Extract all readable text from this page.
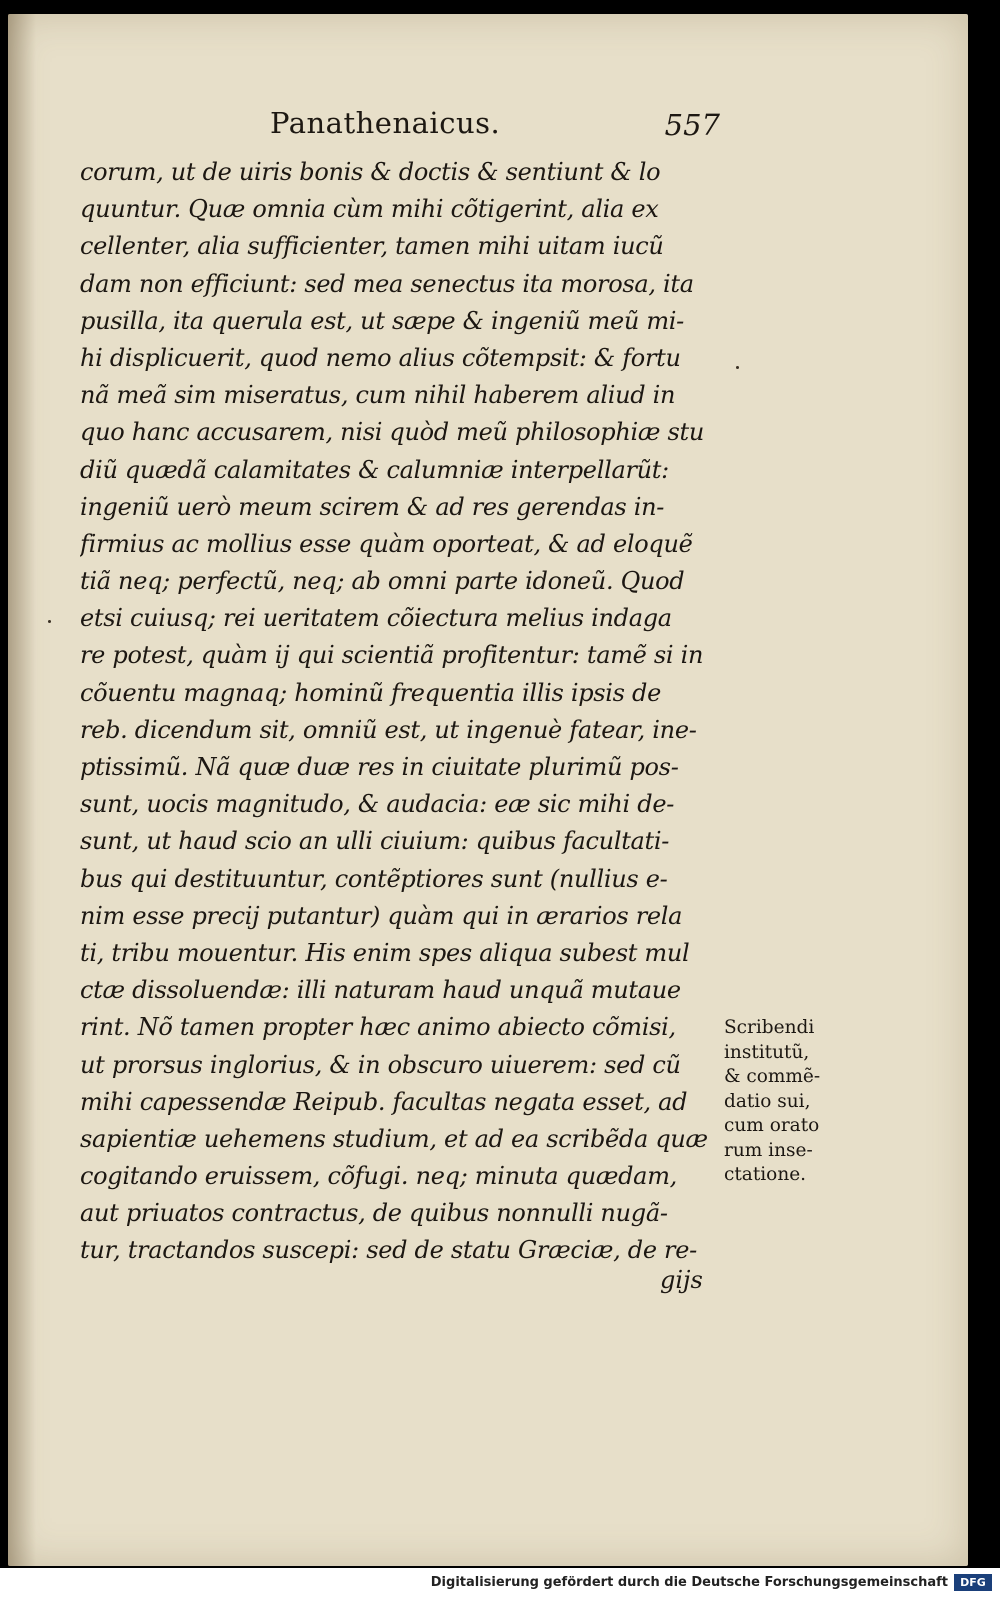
Panathenaicus.	557
corum, ut de uiris bonis & doctis & sentiunt & lo
quuntur. Quæ omnia cùm mihi cõtigerint, alia ex
cellenter, alia sufficienter, tamen mihi uitam iucũ
dam non efficiunt: sed mea senectus ita morosa, ita
pusilla, ita querula est, ut sæpe & ingeniũ meũ mi-
hi displicuerit, quod nemo alius cõtempsit: & fortu
nã meã sim miseratus, cum nihil haberem aliud in
quo hanc accusarem, nisi quòd meũ philosophiæ stu
diũ quædã calamitates & calumniæ interpellarũt:
ingeniũ uerò meum scirem & ad res gerendas in-
firmius ac mollius esse quàm oporteat, & ad eloquẽ
tiã neq; perfectũ, neq; ab omni parte idoneũ. Quod
etsi cuiusq; rei ueritatem cõiectura melius indaga
re potest, quàm ij qui scientiã profitentur: tamẽ si in
cõuentu magnaq; hominũ frequentia illis ipsis de
reb. dicendum sit, omniũ est, ut ingenuè fatear, ine-
ptissimũ. Nã quæ duæ res in ciuitate plurimũ pos-
sunt, uocis magnitudo, & audacia: eæ sic mihi de-
sunt, ut haud scio an ulli ciuium: quibus facultati-
bus qui destituuntur, contẽptiores sunt (nullius e-
nim esse precij putantur) quàm qui in ærarios rela
ti, tribu mouentur. His enim spes aliqua subest mul
ctæ dissoluendæ: illi naturam haud unquã mutaue
rint. Nõ tamen propter hæc animo abiecto cõmisi,
ut prorsus inglorius, & in obscuro uiuerem: sed cũ
mihi capessendæ Reipub. facultas negata esset, ad
sapientiæ uehemens studium, et ad ea scribẽda quæ
cogitando eruissem, cõfugi. neq; minuta quædam,
aut priuatos contractus, de quibus nonnulli nugã-
tur, tractandos suscepi: sed de statu Græciæ, de re-
gijs
Scribendi
institutũ,
& commẽ-
datio sui,
cum orato
rum inse-
ctatione.
Digitalisierung gefördert durch die Deutsche Forschungsgemeinschaft	DFG
